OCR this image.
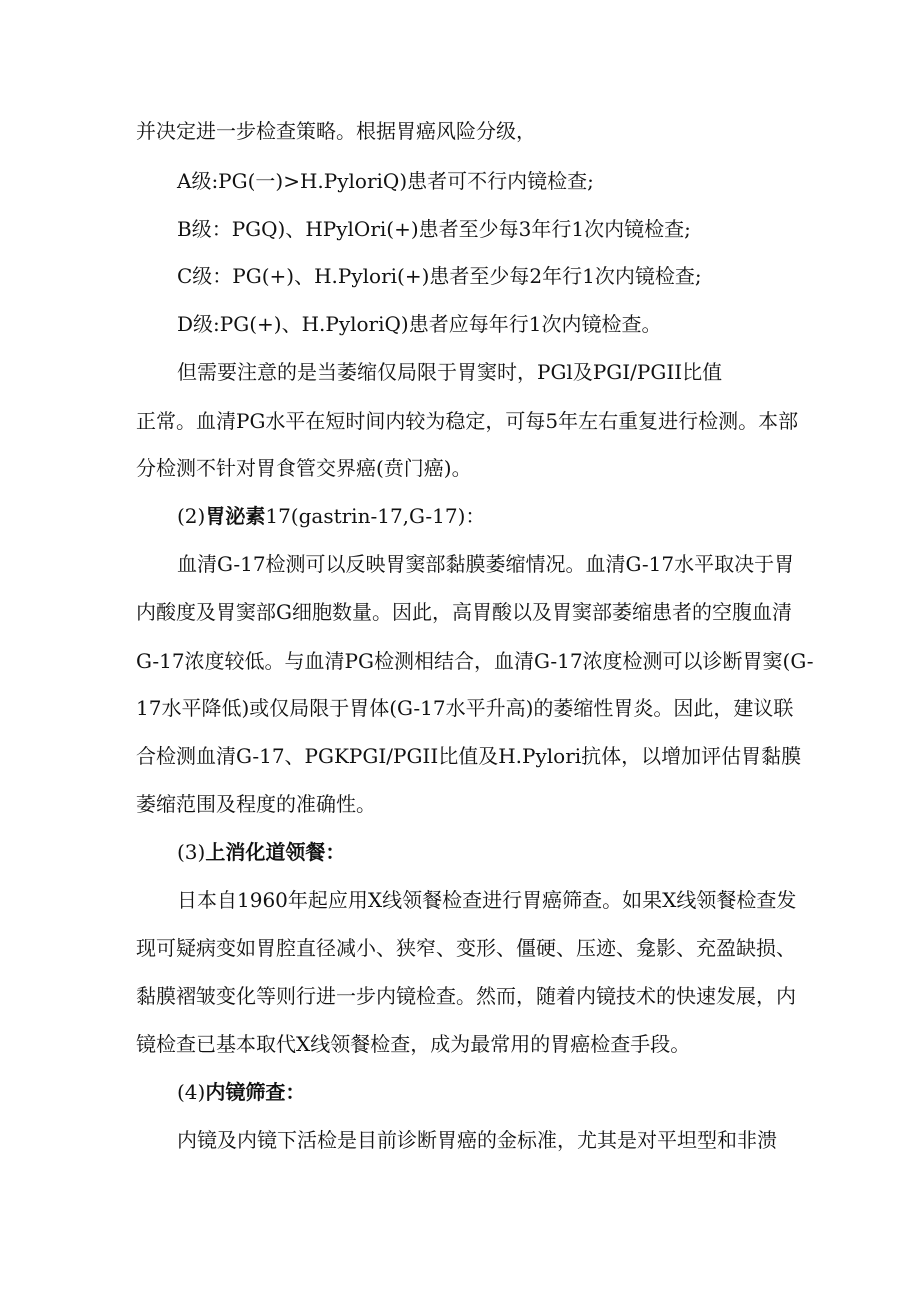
并决定进一步检查策略。根据胃癌风险分级，
A级:PG(一)>H.PyloriQ)患者可不行内镜检查;
B级：PGQ)、HPylOri(+)患者至少每3年行1次内镜检查;
C级：PG(+)、H.Pylori(+)患者至少每2年行1次内镜检查;
D级:PG(+)、H.PyloriQ)患者应每年行1次内镜检查。
但需要注意的是当萎缩仅局限于胃窦时，PGl及PGI/PGII比值
正常。血清PG水平在短时间内较为稳定，可每5年左右重复进行检测。本部
分检测不针对胃食管交界癌(贲门癌)。
(2)胃泌素17(gastrin-17,G-17)：
血清G-17检测可以反映胃窦部黏膜萎缩情况。血清G-17水平取决于胃
内酸度及胃窦部G细胞数量。因此，高胃酸以及胃窦部萎缩患者的空腹血清
G-17浓度较低。与血清PG检测相结合，血清G-17浓度检测可以诊断胃窦(G-
17水平降低)或仅局限于胃体(G-17水平升高)的萎缩性胃炎。因此，建议联
合检测血清G-17、PGKPGI/PGII比值及H.Pylori抗体，以增加评估胃黏膜
萎缩范围及程度的准确性。
(3)上消化道领餐：
日本自1960年起应用X线领餐检查进行胃癌筛查。如果X线领餐检查发
现可疑病变如胃腔直径减小、狭窄、变形、僵硬、压迹、龛影、充盈缺损、
黏膜褶皱变化等则行进一步内镜检查。然而，随着内镜技术的快速发展，内
镜检查已基本取代X线领餐检查，成为最常用的胃癌检查手段。
(4)内镜筛查：
内镜及内镜下活检是目前诊断胃癌的金标准，尤其是对平坦型和非溃
